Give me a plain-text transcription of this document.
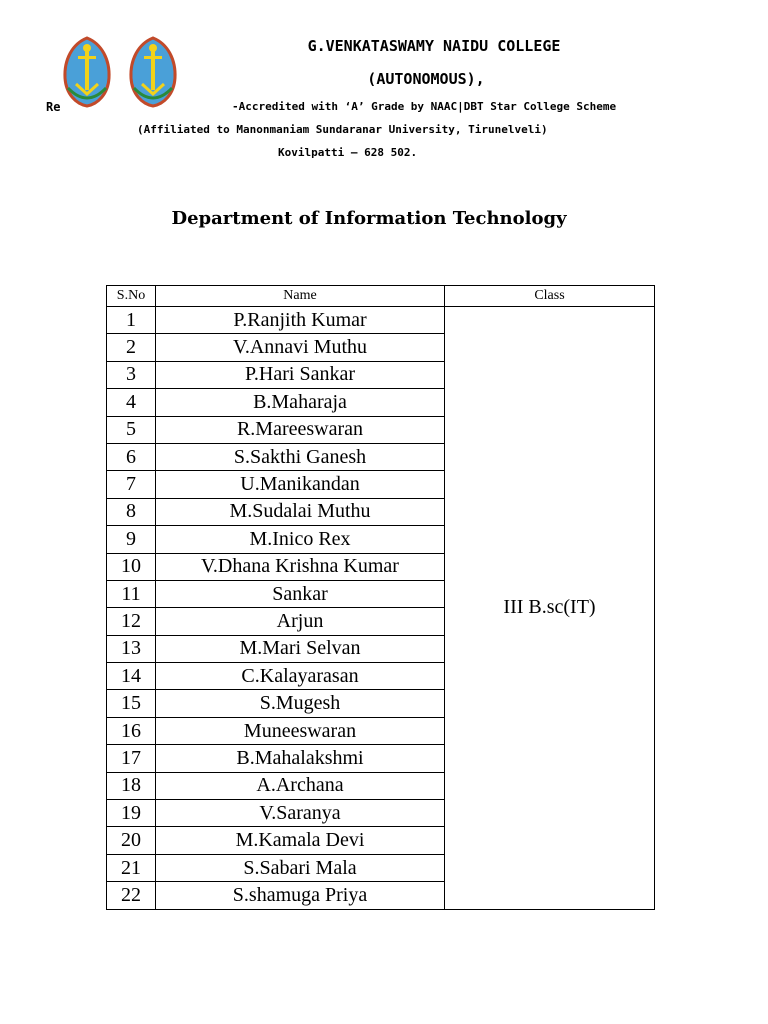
G.VENKATASWAMY NAIDU COLLEGE
(AUTONOMOUS),
Re	-Accredited with ‘A’ Grade by NAAC|DBT Star College Scheme
(Affiliated to Manonmaniam Sundaranar University, Tirunelveli)
Kovilpatti – 628 502.
Department of Information Technology
S.No	Name	Class
1	P.Ranjith Kumar	III B.sc(IT)
2	V.Annavi Muthu	
3	P.Hari Sankar	
4	B.Maharaja	
5	R.Mareeswaran	
6	S.Sakthi Ganesh	
7	U.Manikandan	
8	M.Sudalai Muthu	
9	M.Inico Rex	
10	V.Dhana Krishna Kumar	
11	Sankar	
12	Arjun	
13	M.Mari Selvan	
14	C.Kalayarasan	
15	S.Mugesh	
16	Muneeswaran	
17	B.Mahalakshmi	
18	A.Archana	
19	V.Saranya	
20	M.Kamala Devi	
21	S.Sabari Mala	
22	S.shamuga Priya	
